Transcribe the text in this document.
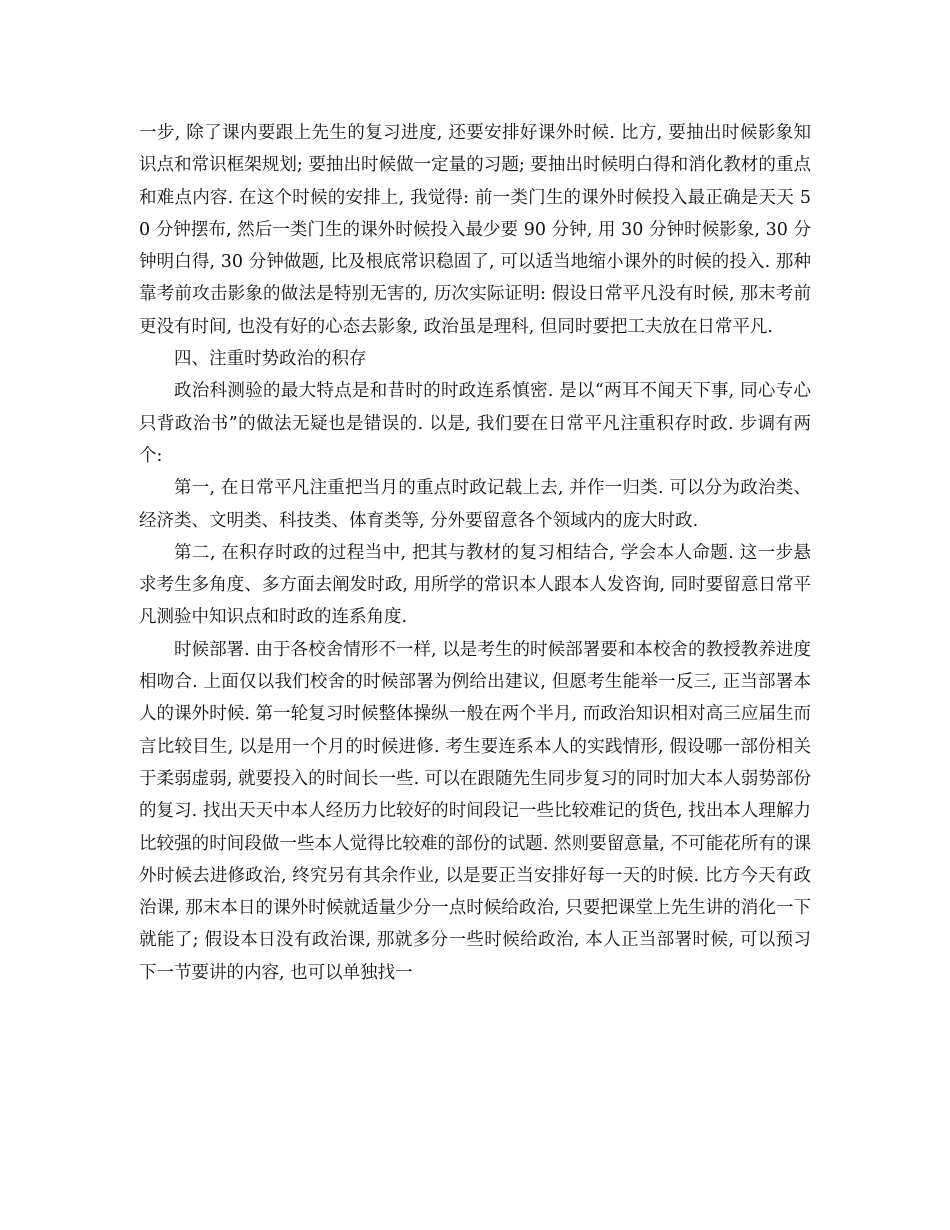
一步, 除了课内要跟上先生的复习进度, 还要安排好课外时候. 比方, 要抽出时候影象知识点和常识框架规划; 要抽出时候做一定量的习题; 要抽出时候明白得和消化教材的重点和难点内容. 在这个时候的安排上, 我觉得: 前一类门生的课外时候投入最正确是天天 50 分钟摆布, 然后一类门生的课外时候投入最少要 90 分钟, 用 30 分钟时候影象, 30 分钟明白得, 30 分钟做题, 比及根底常识稳固了, 可以适当地缩小课外的时候的投入. 那种靠考前攻击影象的做法是特别无害的, 历次实际证明: 假设日常平凡没有时候, 那末考前更没有时间, 也没有好的心态去影象, 政治虽是理科, 但同时要把工夫放在日常平凡.

四、注重时势政治的积存

政治科测验的最大特点是和昔时的时政连系慎密. 是以“两耳不闻天下事, 同心专心只背政治书”的做法无疑也是错误的. 以是, 我们要在日常平凡注重积存时政. 步调有两个:

第一, 在日常平凡注重把当月的重点时政记载上去, 并作一归类. 可以分为政治类、经济类、文明类、科技类、体育类等, 分外要留意各个领域内的庞大时政.

第二, 在积存时政的过程当中, 把其与教材的复习相结合, 学会本人命题. 这一步悬求考生多角度、多方面去阐发时政, 用所学的常识本人跟本人发咨询, 同时要留意日常平凡测验中知识点和时政的连系角度.

时候部署. 由于各校舍情形不一样, 以是考生的时候部署要和本校舍的教授教养进度相吻合. 上面仅以我们校舍的时候部署为例给出建议, 但愿考生能举一反三, 正当部署本人的课外时候. 第一轮复习时候整体操纵一般在两个半月, 而政治知识相对高三应届生而言比较目生, 以是用一个月的时候进修. 考生要连系本人的实践情形, 假设哪一部份相关于柔弱虚弱, 就要投入的时间长一些. 可以在跟随先生同步复习的同时加大本人弱势部份的复习. 找出天天中本人经历力比较好的时间段记一些比较难记的货色, 找出本人理解力比较强的时间段做一些本人觉得比较难的部份的试题. 然则要留意量, 不可能花所有的课外时候去进修政治, 终究另有其余作业, 以是要正当安排好每一天的时候. 比方今天有政治课, 那末本日的课外时候就适量少分一点时候给政治, 只要把课堂上先生讲的消化一下就能了; 假设本日没有政治课, 那就多分一些时候给政治, 本人正当部署时候, 可以预习下一节要讲的内容, 也可以单独找一
